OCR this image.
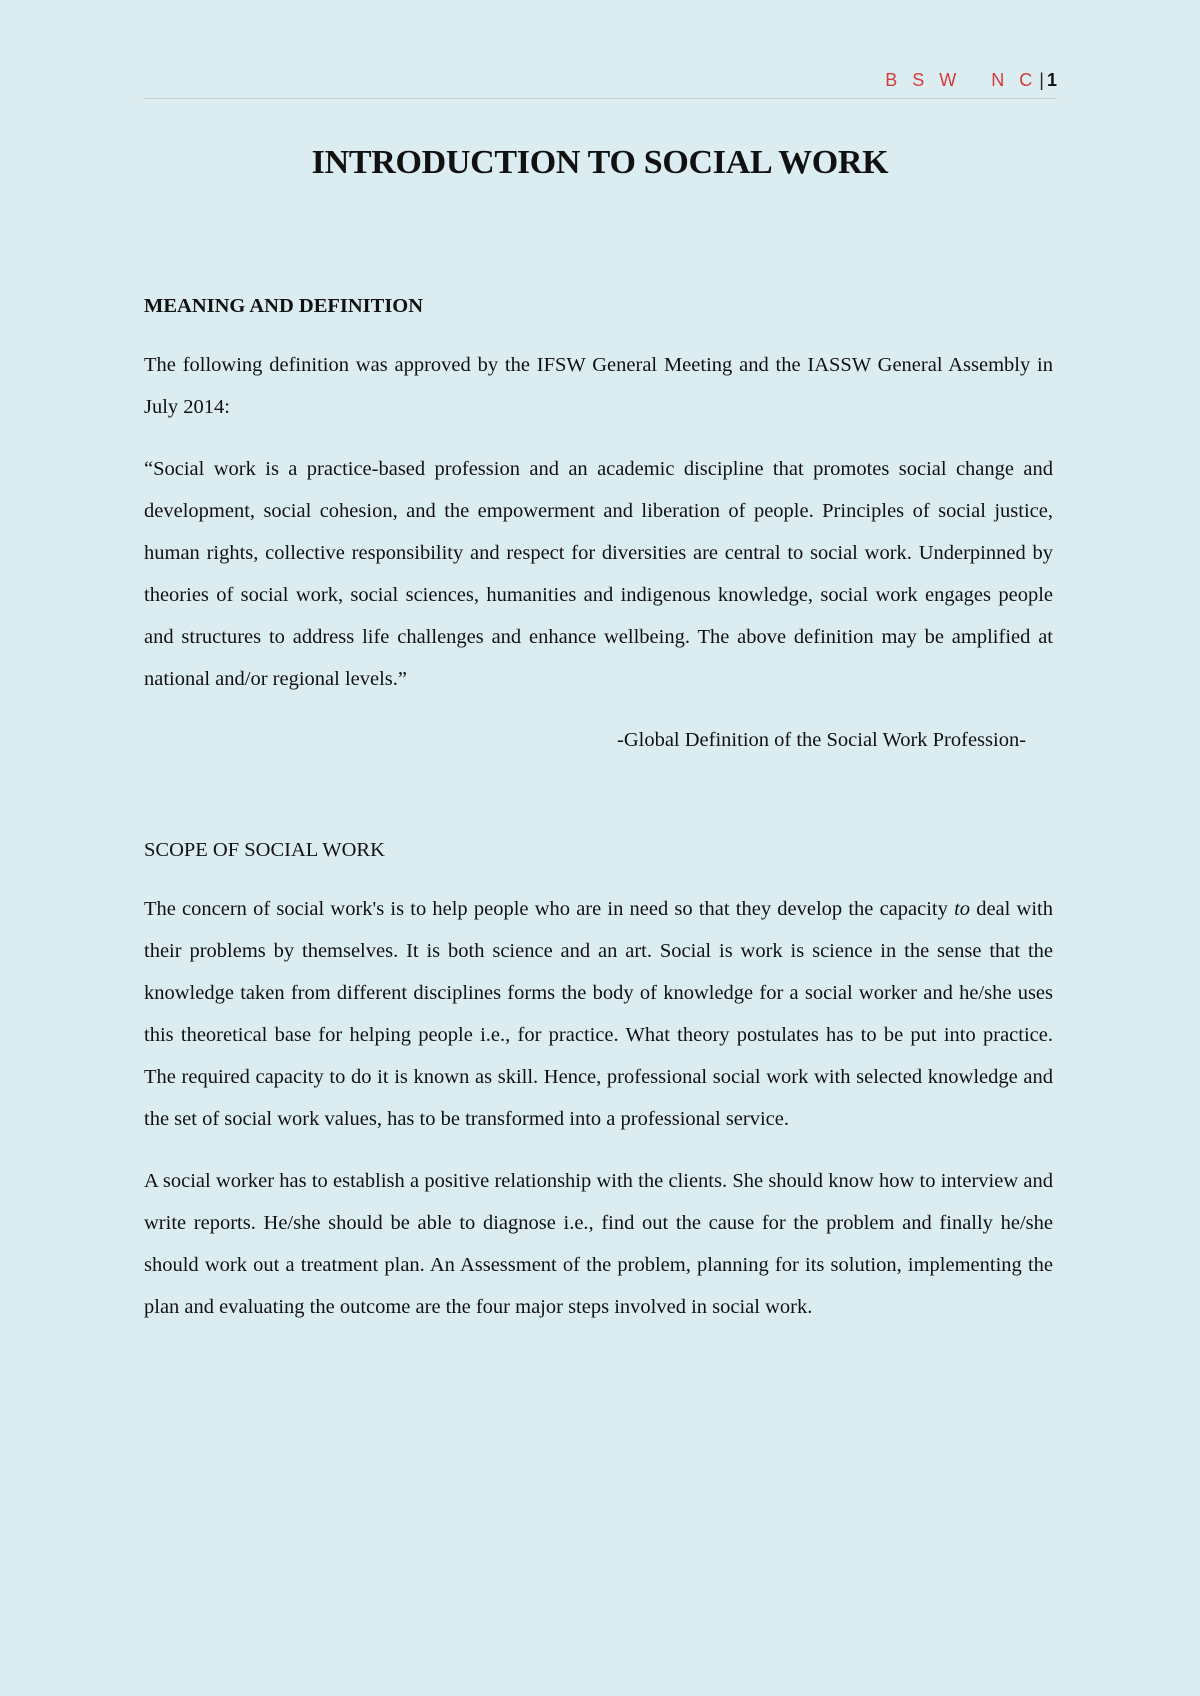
B S W   N C | 1
INTRODUCTION TO SOCIAL WORK
MEANING AND DEFINITION

The following definition was approved by the IFSW General Meeting and the IASSW General Assembly in July 2014:

“Social work is a practice-based profession and an academic discipline that promotes social change and development, social cohesion, and the empowerment and liberation of people. Principles of social justice, human rights, collective responsibility and respect for diversities are central to social work. Underpinned by theories of social work, social sciences, humanities and indigenous knowledge, social work engages people and structures to address life challenges and enhance wellbeing. The above definition may be amplified at national and/or regional levels.”

-Global Definition of the Social Work Profession-
SCOPE OF SOCIAL WORK

The concern of social work's is to help people who are in need so that they develop the capacity to deal with their problems by themselves. It is both science and an art. Social is work is science in the sense that the knowledge taken from different disciplines forms the body of knowledge for a social worker and he/she uses this theoretical base for helping people i.e., for practice. What theory postulates has to be put into practice. The required capacity to do it is known as skill. Hence, professional social work with selected knowledge and the set of social work values, has to be transformed into a professional service.

A social worker has to establish a positive relationship with the clients. She should know how to interview and write reports. He/she should be able to diagnose i.e., find out the cause for the problem and finally he/she should work out a treatment plan. An Assessment of the problem, planning for its solution, implementing the plan and evaluating the outcome are the four major steps involved in social work.
